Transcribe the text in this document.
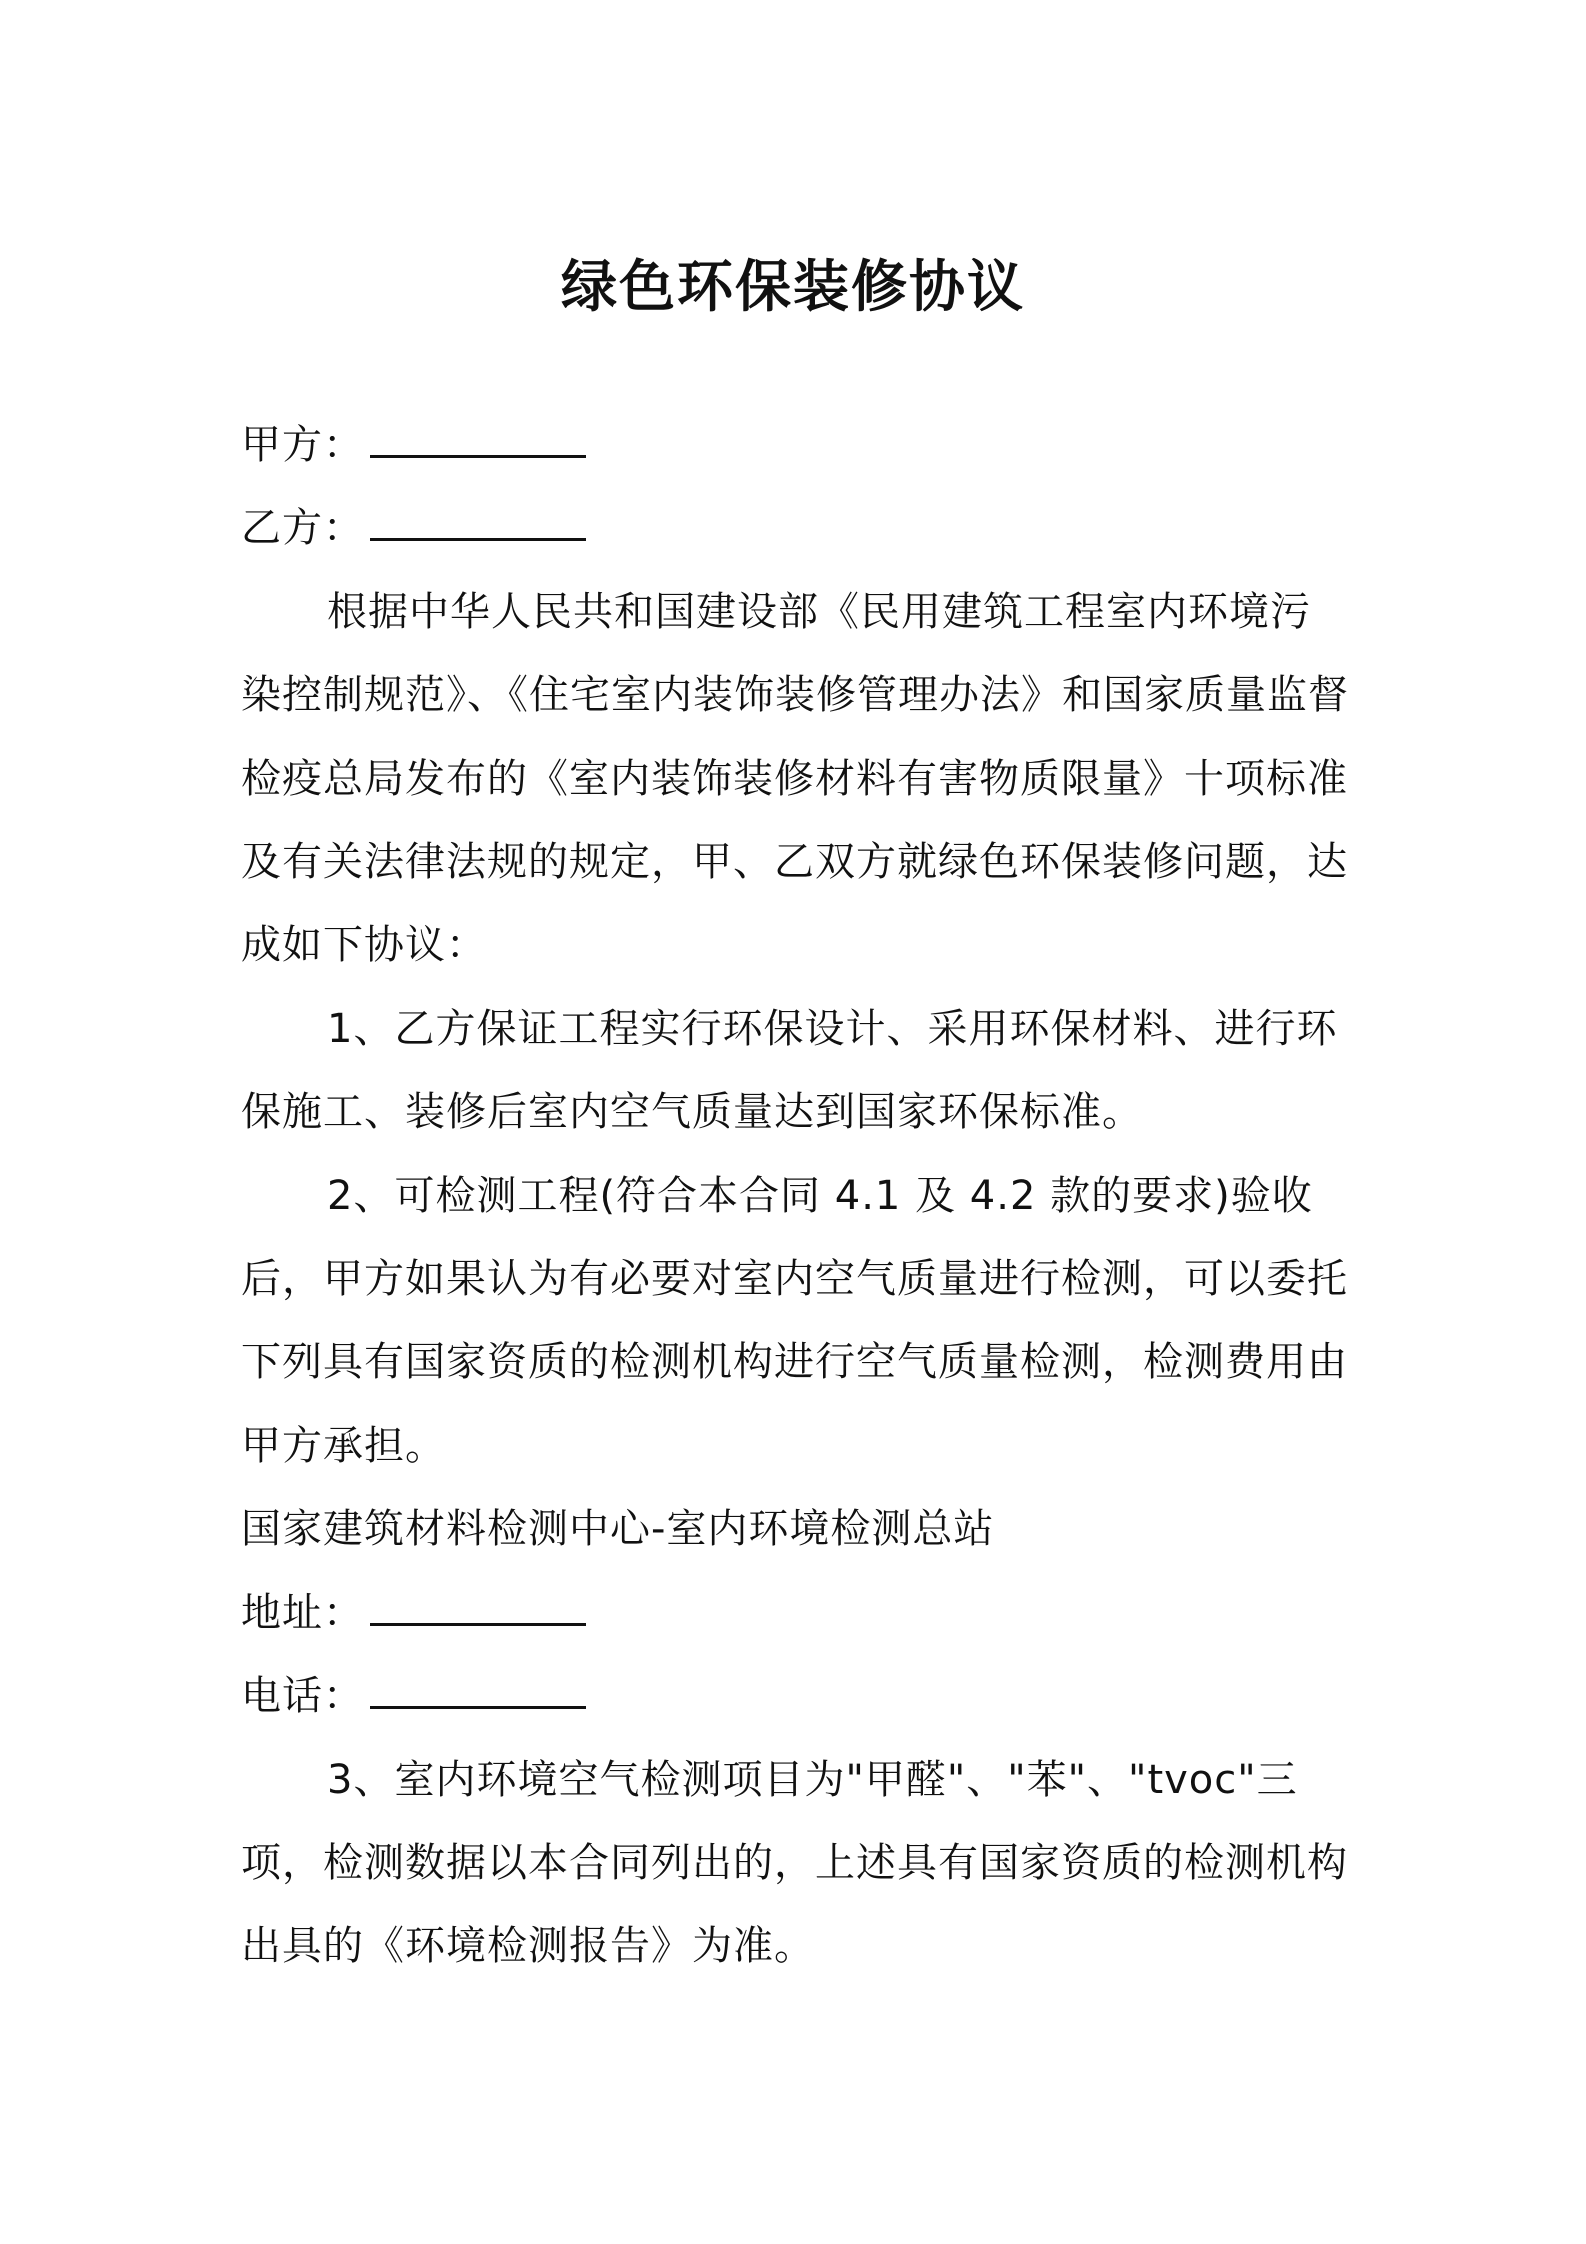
绿色环保装修协议

甲方：

乙方：

根据中华人民共和国建设部《民用建筑工程室内环境污染控制规范》、《住宅室内装饰装修管理办法》和国家质量监督检疫总局发布的《室内装饰装修材料有害物质限量》十项标准及有关法律法规的规定，甲、乙双方就绿色环保装修问题，达成如下协议：

1、乙方保证工程实行环保设计、采用环保材料、进行环保施工、装修后室内空气质量达到国家环保标准。

2、可检测工程(符合本合同 4.1 及 4.2 款的要求)验收后，甲方如果认为有必要对室内空气质量进行检测，可以委托下列具有国家资质的检测机构进行空气质量检测，检测费用由甲方承担。

国家建筑材料检测中心-室内环境检测总站

地址：

电话：

3、室内环境空气检测项目为"甲醛"、"苯"、"tvoc"三项，检测数据以本合同列出的，上述具有国家资质的检测机构出具的《环境检测报告》为准。
